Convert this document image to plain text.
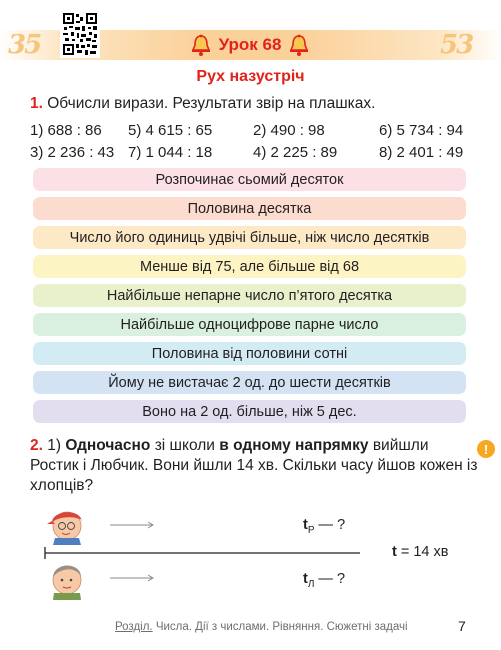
35	53
Урок 68
Рух назустріч
1. Обчисли вирази. Результати звір на плашках.
1) 688 : 86	5) 4 615 : 65	2) 490 : 98	6) 5 734 : 94
3) 2 236 : 43 7) 1 044 : 18	4) 2 225 : 89	8) 2 401 : 49
Розпочинає сьомий десяток
Половина десятка
Число його одиниць удвічі більше, ніж число десятків
Менше від 75, але більше від 68
Найбільше непарне число п’ятого десятка
Найбільше одноцифрове парне число
Половина від половини сотні
Йому не вистачає 2 од. до шести десятків
Воно на 2 од. більше, ніж 5 дес.
2. 1) Одночасно зі школи в одному напрямку вийшли Ростик і Любчик. Вони йшли 14 хв. Скільки часу йшов кожен із хлопців?
!
$t_Р$ — ?
t = 14 хв
$t_Л$ — ?
Розділ. Числа. Дії з числами. Рівняння. Сюжетні задачі	7
